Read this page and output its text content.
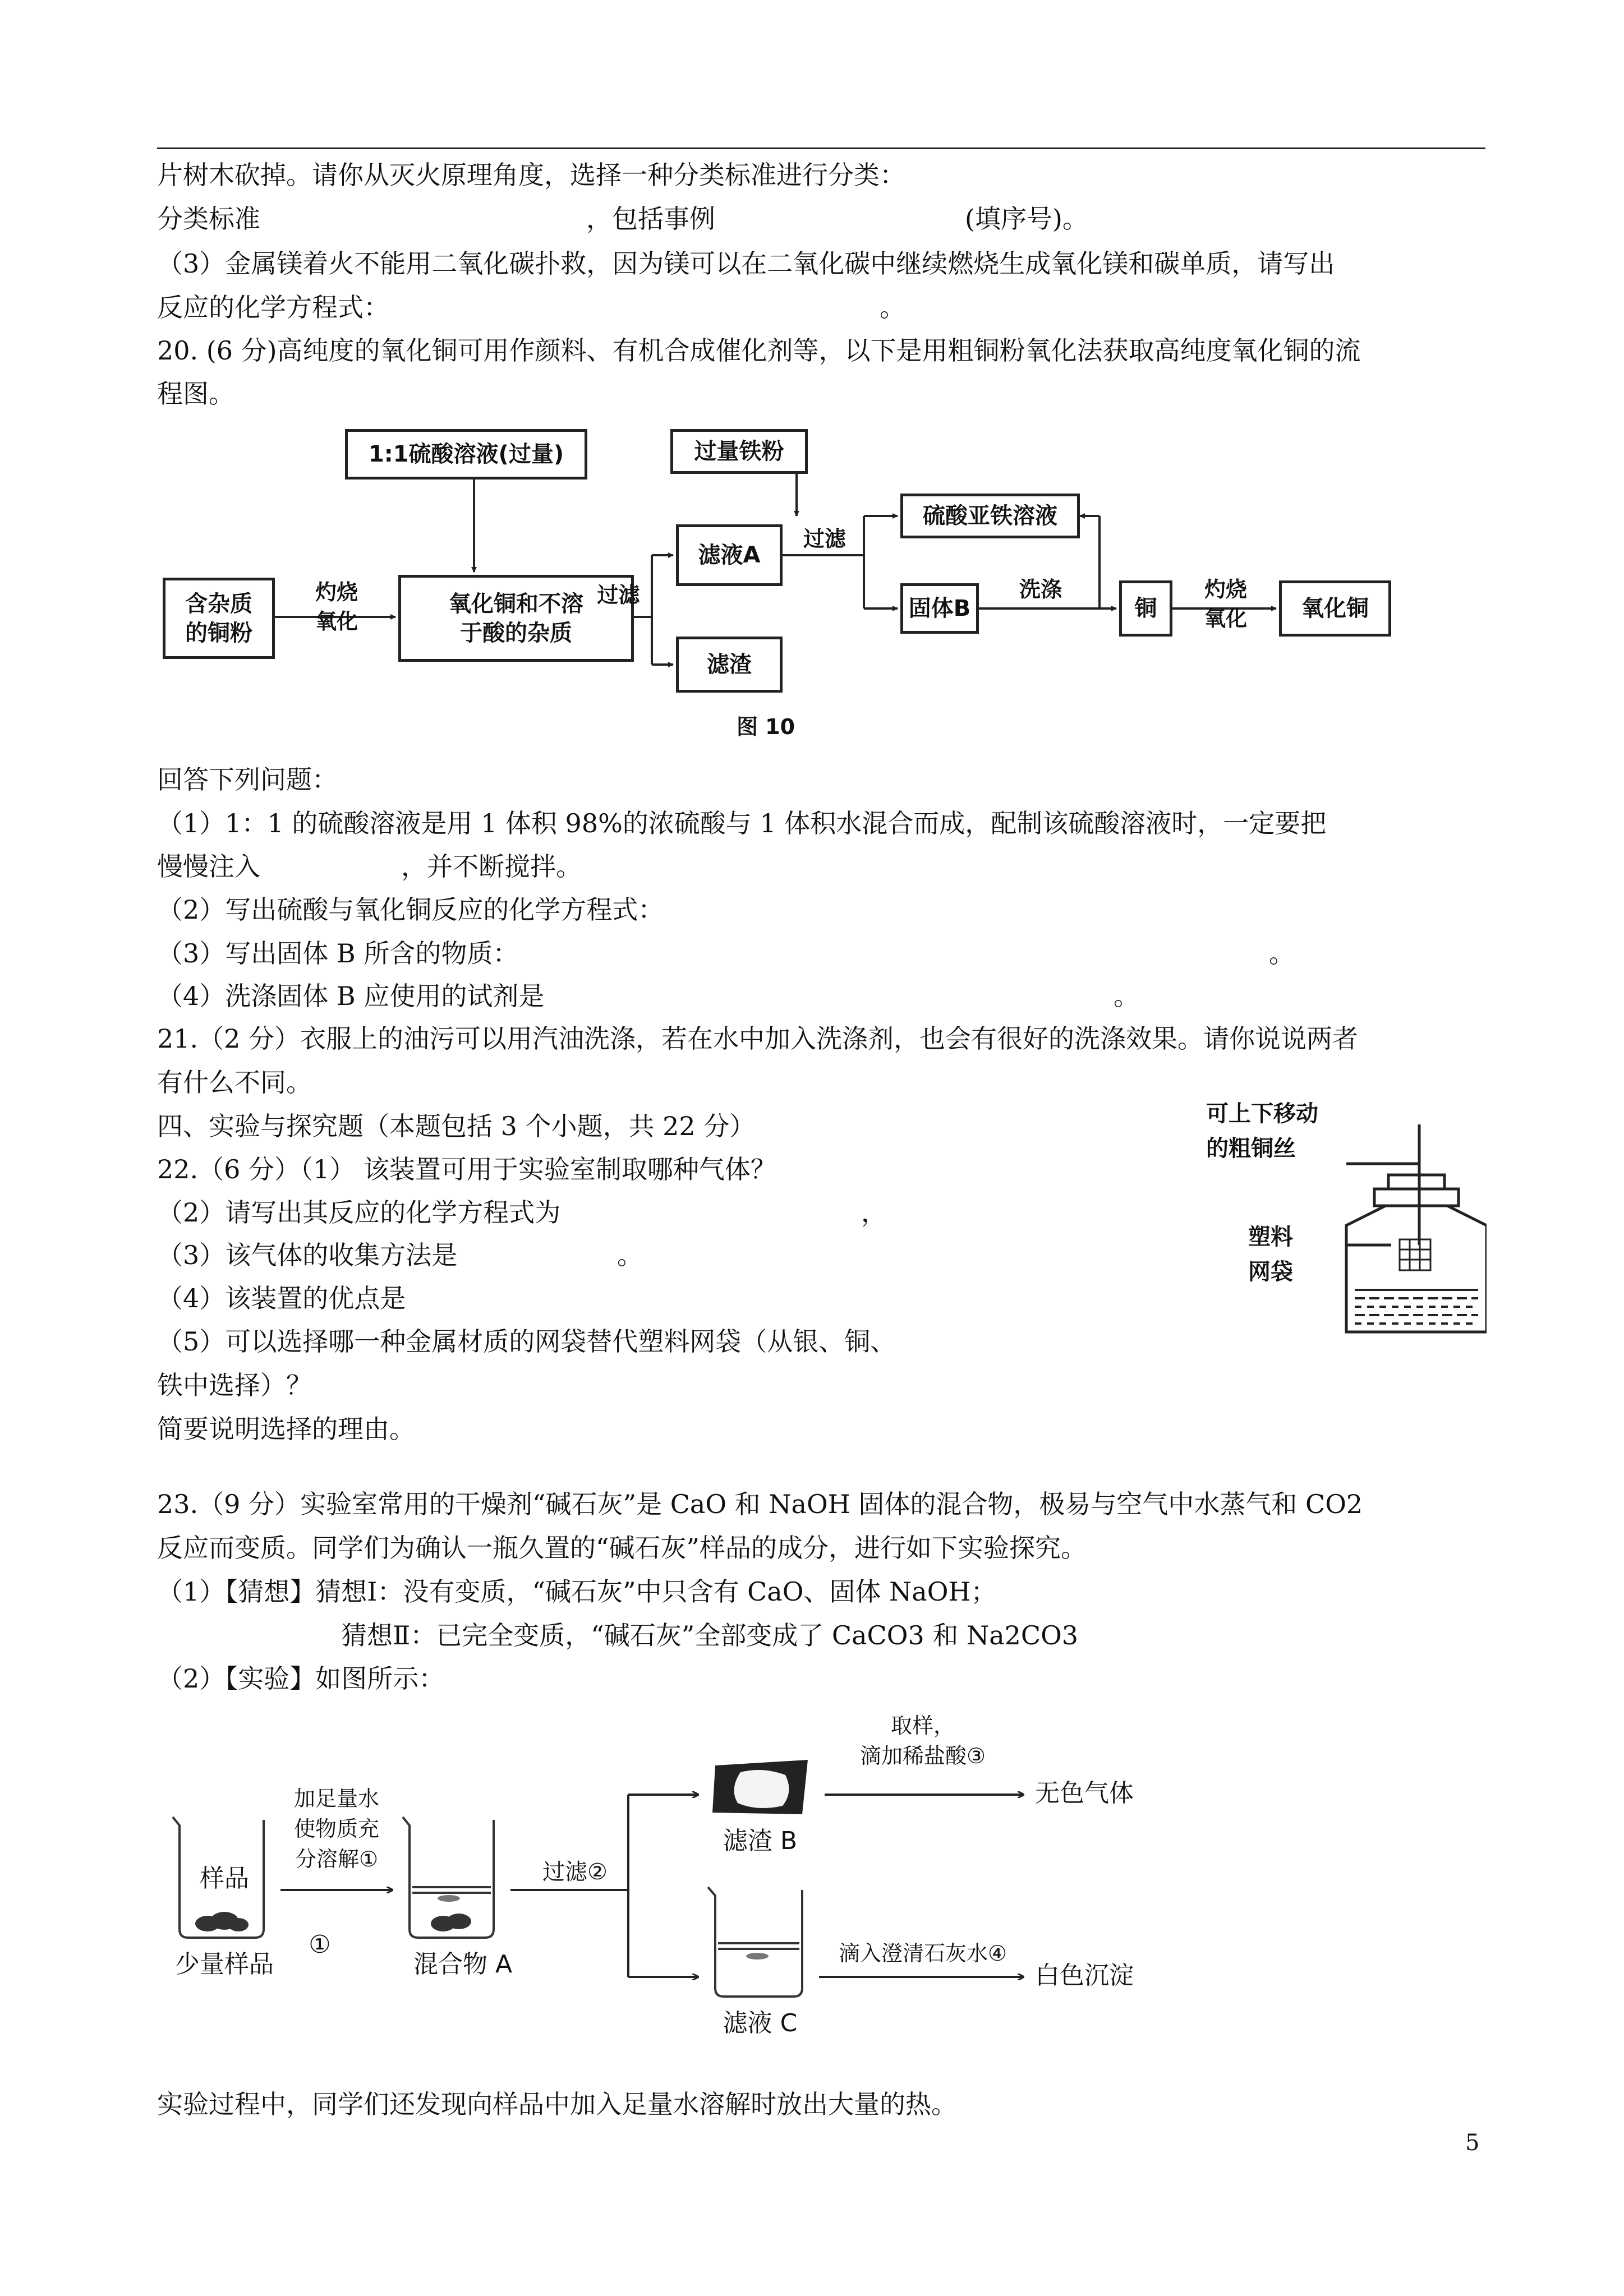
片树木砍掉。请你从灭火原理角度，选择一种分类标准进行分类：
分类标准	，包括事例	(填序号)。
（3）金属镁着火不能用二氧化碳扑救，因为镁可以在二氧化碳中继续燃烧生成氧化镁和碳单质，请写出
反应的化学方程式：	。
20. (6 分)高纯度的氧化铜可用作颜料、有机合成催化剂等，以下是用粗铜粉氧化法获取高纯度氧化铜的流
程图。
1:1硫酸溶液(过量)	过量铁粉
含杂质
的铜粉
灼烧
氧化
氧化铜和不溶
于酸的杂质
过滤
滤液A
滤渣
过滤
硫酸亚铁溶液
固体B
洗涤
铜
灼烧
氧化	氧化铜
图 10
回答下列问题：
（1）1：1 的硫酸溶液是用 1 体积 98%的浓硫酸与 1 体积水混合而成，配制该硫酸溶液时，一定要把
慢慢注入	，并不断搅拌。
（2）写出硫酸与氧化铜反应的化学方程式：
（3）写出固体 B 所含的物质：	。
（4）洗涤固体 B 应使用的试剂是	。
21.（2 分）衣服上的油污可以用汽油洗涤，若在水中加入洗涤剂，也会有很好的洗涤效果。请你说说两者
有什么不同。
四、实验与探究题（本题包括 3 个小题，共 22 分）
22.（6 分）（1） 该装置可用于实验室制取哪种气体？
（2）请写出其反应的化学方程式为	，
（3）该气体的收集方法是	。
（4）该装置的优点是
（5）可以选择哪一种金属材质的网袋替代塑料网袋（从银、铜、
铁中选择）？
简要说明选择的理由。
可上下移动
的粗铜丝
塑料
网袋
23.（9 分）实验室常用的干燥剂“碱石灰”是 CaO 和 NaOH 固体的混合物，极易与空气中水蒸气和 CO2
反应而变质。同学们为确认一瓶久置的“碱石灰”样品的成分，进行如下实验探究。
（1）【猜想】猜想Ⅰ：没有变质，“碱石灰”中只含有 CaO、固体 NaOH；
猜想Ⅱ：已完全变质，“碱石灰”全部变成了 CaCO3 和 Na2CO3
（2）【实验】如图所示：
样品
少量样品
①
加足量水
使物质充
分溶解①
混合物 A
过滤②
滤渣 B
取样，
滴加稀盐酸③
无色气体
滤液 C
滴入澄清石灰水④
白色沉淀
实验过程中，同学们还发现向样品中加入足量水溶解时放出大量的热。
5
